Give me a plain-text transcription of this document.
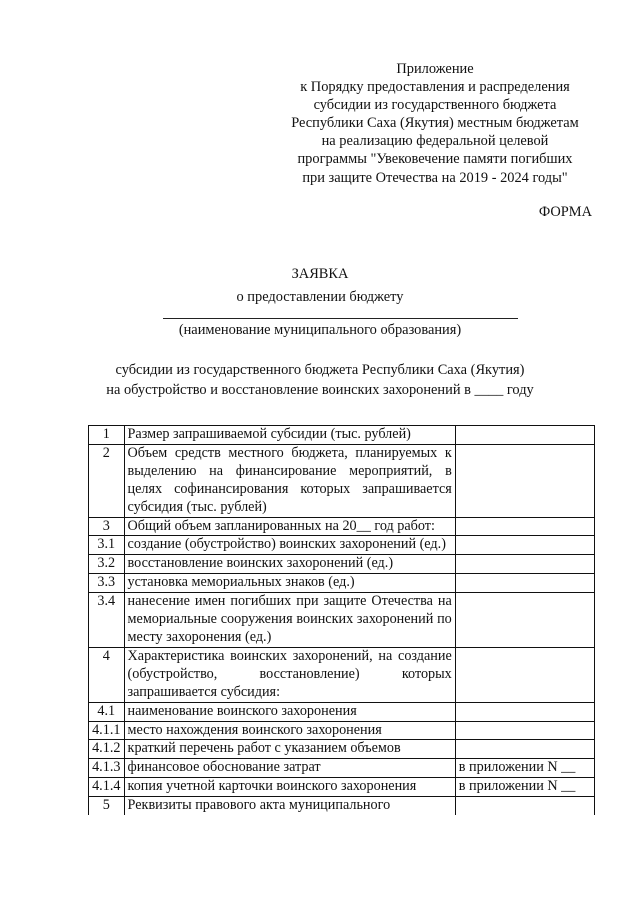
Приложение
к Порядку предоставления и распределения
субсидии из государственного бюджета
Республики Саха (Якутия) местным бюджетам
на реализацию федеральной целевой
программы "Увековечение памяти погибших
при защите Отечества на 2019 - 2024 годы"
ФОРМА
ЗАЯВКА
о предоставлении бюджету
(наименование муниципального образования)
субсидии из государственного бюджета Республики Саха (Якутия)
на обустройство и восстановление воинских захоронений в ____ году
1	Размер запрашиваемой субсидии (тыс. рублей)	
2	Объем средств местного бюджета, планируемых к выделению на финансирование мероприятий, в целях софинансирования которых запрашивается субсидия (тыс. рублей)	
3	Общий объем запланированных на 20__ год работ:	
3.1	создание (обустройство) воинских захоронений (ед.)	
3.2	восстановление воинских захоронений (ед.)	
3.3	установка мемориальных знаков (ед.)	
3.4	нанесение имен погибших при защите Отечества на мемориальные сооружения воинских захоронений по месту захоронения (ед.)	
4	Характеристика воинских захоронений, на создание (обустройство, восстановление) которых запрашивается субсидия:	
4.1	наименование воинского захоронения	
4.1.1	место нахождения воинского захоронения	
4.1.2	краткий перечень работ с указанием объемов	
4.1.3	финансовое обоснование затрат	в приложении N __
4.1.4	копия учетной карточки воинского захоронения	в приложении N __
5	Реквизиты правового акта муниципального	
